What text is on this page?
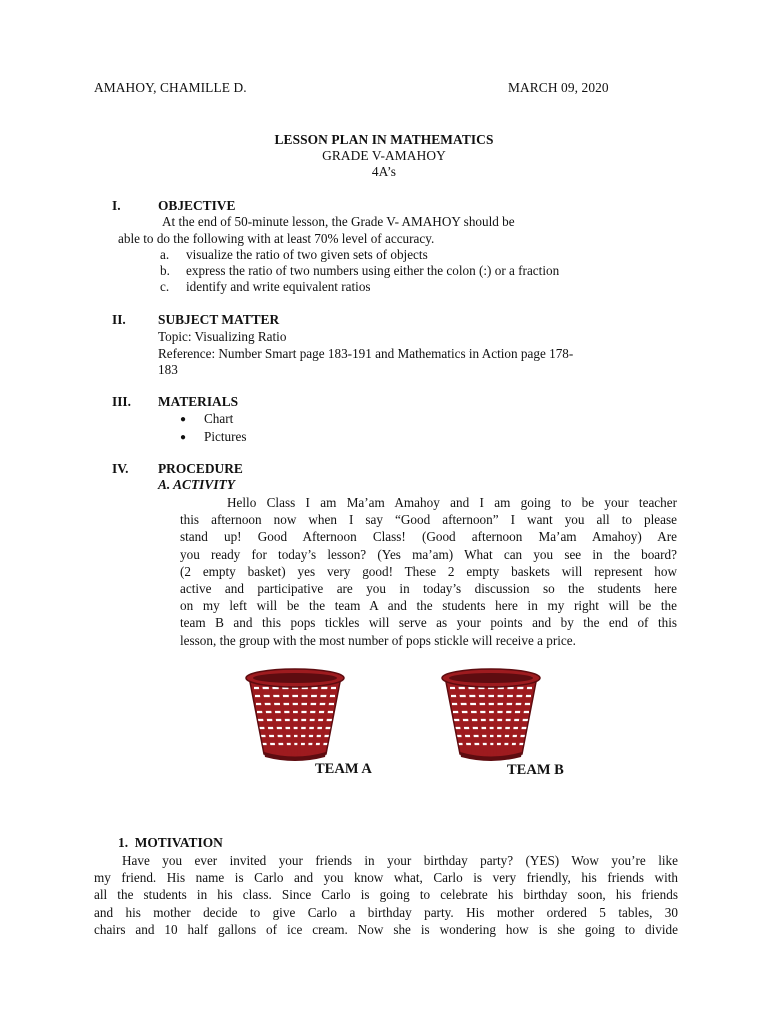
AMAHOY, CHAMILLE D.	MARCH 09, 2020
LESSON PLAN IN MATHEMATICS
GRADE V-AMAHOY
4A’s
I.	OBJECTIVE
At the end of 50-minute lesson, the Grade V- AMAHOY should be
able to do the following with at least 70% level of accuracy.
a. visualize the ratio of two given sets of objects
b. express the ratio of two numbers using either the colon (:) or a fraction
c. identify and write equivalent ratios
II. SUBJECT MATTER
Topic: Visualizing Ratio
Reference: Number Smart page 183-191 and Mathematics in Action page 178-
183
III. MATERIALS
● Chart
● Pictures
IV. PROCEDURE
A. ACTIVITY
Hello Class I am Ma’am Amahoy and I am going to be your teacher
this afternoon now when I say “Good afternoon” I want you all to please
stand up! Good Afternoon Class! (Good afternoon Ma’am Amahoy) Are
you ready for today’s lesson? (Yes ma’am) What can you see in the board?
(2 empty basket) yes very good! These 2 empty baskets will represent how
active and participative are you in today’s discussion so the students here
on my left will be the team A and the students here in my right will be the
team B and this pops tickles will serve as your points and by the end of this
lesson, the group with the most number of pops stickle will receive a price.
TEAM A	TEAM B
1.  MOTIVATION
Have you ever invited your friends in your birthday party? (YES) Wow you’re like
my friend. His name is Carlo and you know what, Carlo is very friendly, his friends with
all the students in his class. Since Carlo is going to celebrate his birthday soon, his friends
and his mother decide to give Carlo a birthday party. His mother ordered 5 tables, 30
chairs and 10 half gallons of ice cream. Now she is wondering how is she going to divide
